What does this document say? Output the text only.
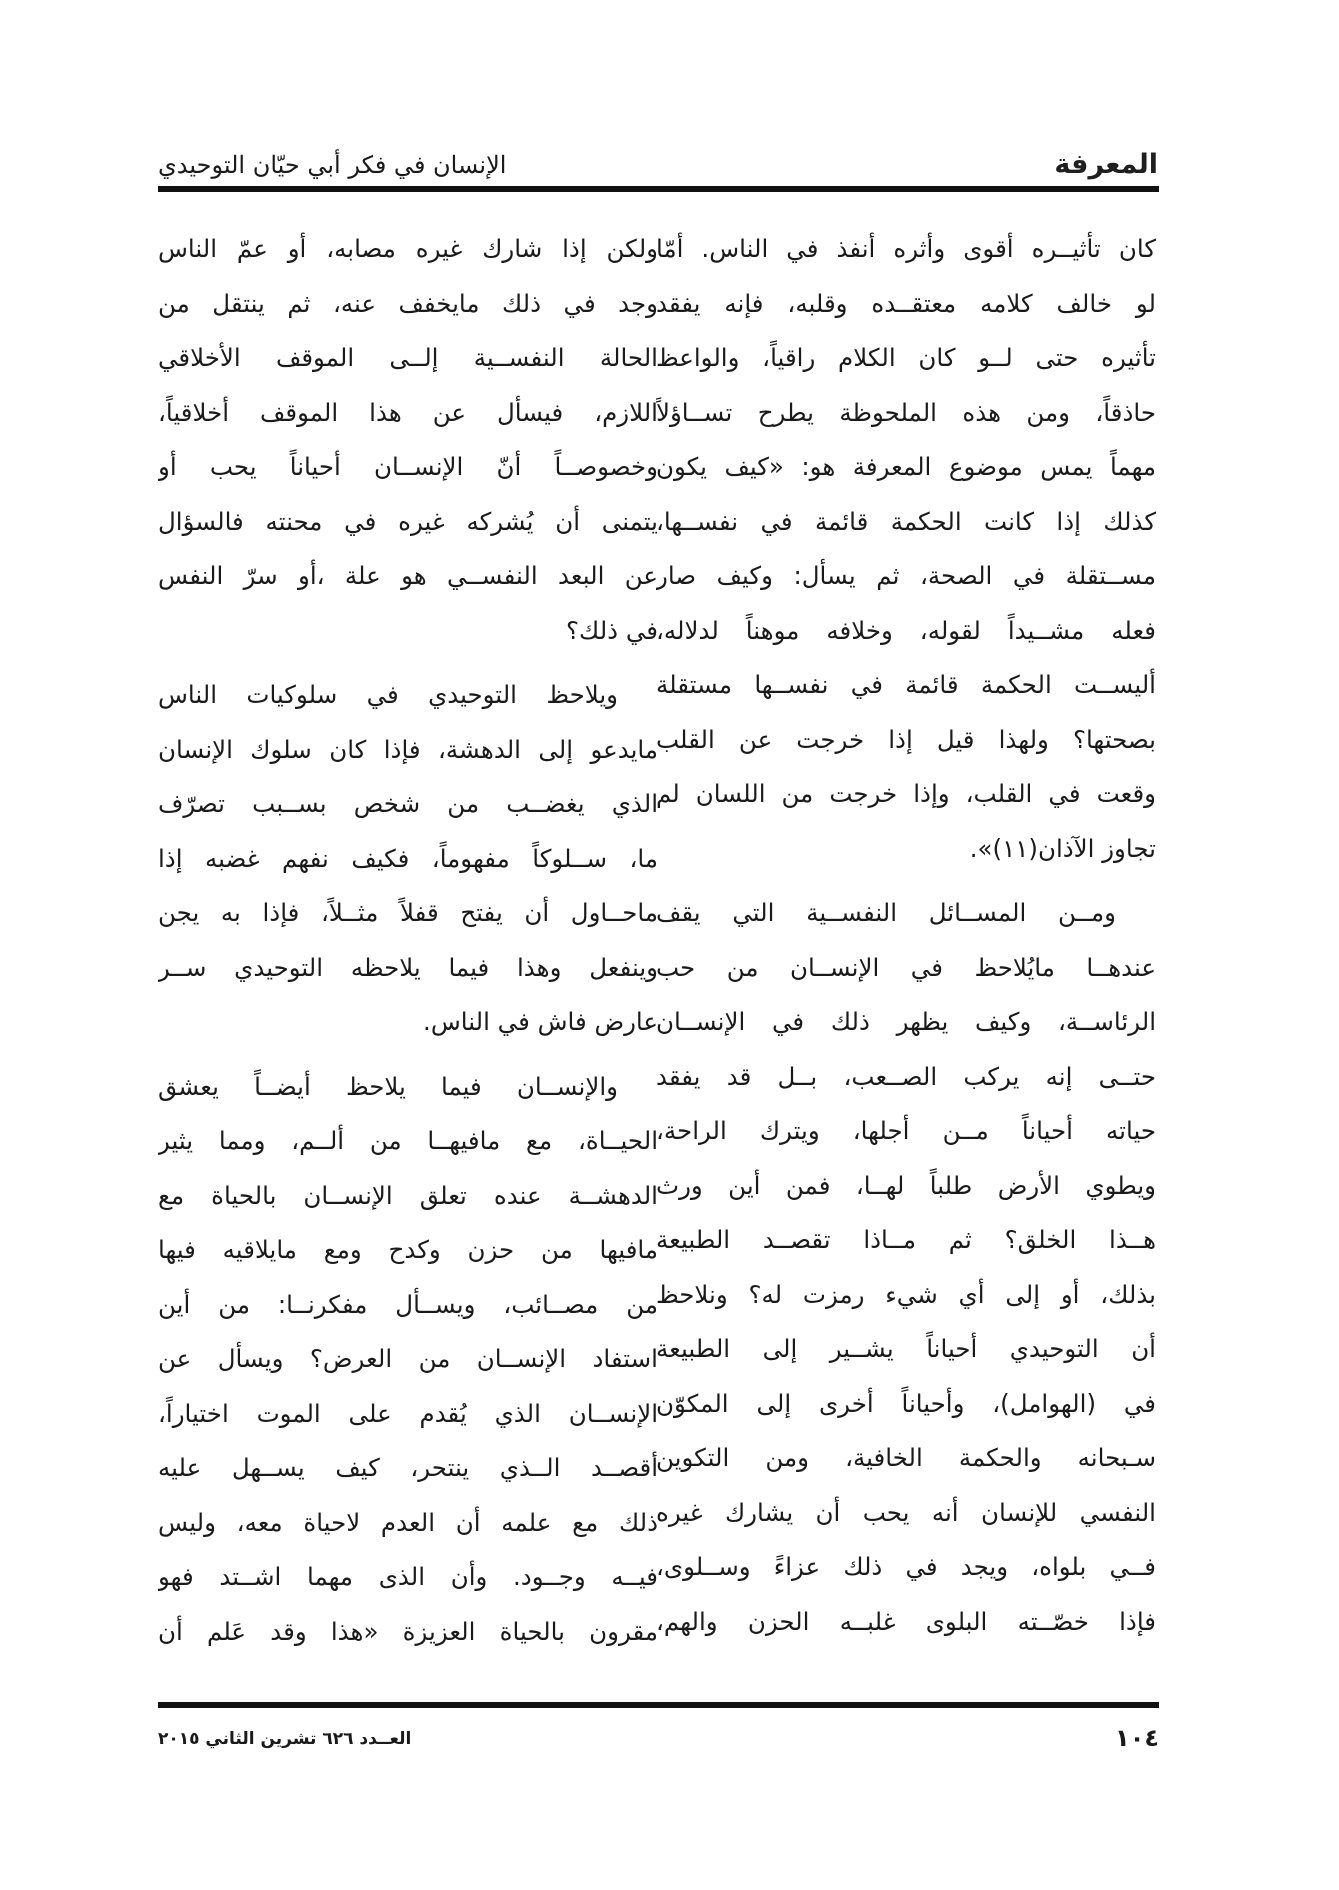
المعرفة
الإنسان في فكر أبي حيّان التوحيدي
كان تأثيــره أقوى وأثره أنفذ في الناس. أمّا
لو خالف كلامه معتقــده وقلبه، فإنه يفقد
تأثيره حتى لــو كان الكلام راقياً، والواعظ
حاذقاً، ومن هذه الملحوظة يطرح تســاؤلاً
مهماً يمس موضوع المعرفة هو: «كيف يكون
كذلك إذا كانت الحكمة قائمة في نفســها،
مســتقلة في الصحة، ثم يسأل: وكيف صار
فعله مشــيداً لقوله، وخلافه موهناً لدلاله،
أليســت الحكمة قائمة في نفســها مستقلة
بصحتها؟ ولهذا قيل إذا خرجت عن القلب
وقعت في القلب، وإذا خرجت من اللسان لم
تجاوز الآذان(١١)».
ومــن المســائل النفســية التي يقف
عندهــا مايُلاحظ في الإنســان من حب
الرئاســة، وكيف يظهر ذلك في الإنســان
حتــى إنه يركب الصــعب، بــل قد يفقد
حياته أحياناً مــن أجلها، ويترك الراحة،
ويطوي الأرض طلباً لهــا، فمن أين ورث
هــذا الخلق؟ ثم مــاذا تقصــد الطبيعة
بذلك، أو إلى أي شيء رمزت له؟ ونلاحظ
أن التوحيدي أحياناً يشــير إلى الطبيعة
في (الهوامل)، وأحياناً أخرى إلى المكوّن
سـبحانه والحكمة الخافية، ومن التكوين
النفسي للإنسان أنه يحب أن يشارك غيره
فــي بلواه، ويجد في ذلك عزاءً وســلوى،
فإذا خصّــته البلوى غلبــه الحزن والهم،
ولكن إذا شارك غيره مصابه، أو عمّ الناس
وجد في ذلك مايخفف عنه، ثم ينتقل من
الحالة النفســية إلــى الموقف الأخلاقي
اللازم، فيسأل عن هذا الموقف أخلاقياً،
وخصوصــاً أنّ الإنســان أحياناً يحب أو
يتمنى أن يُشركه غيره في محنته فالسؤال
عن البعد النفســي هو علة ،أو سرّ النفس
في ذلك؟
ويلاحظ التوحيدي في سلوكيات الناس
مايدعو إلى الدهشة، فإذا كان سلوك الإنسان
الذي يغضــب من شخص بســبب تصرّف
ما، ســلوكاً مفهوماً، فكيف نفهم غضبه إذا
ماحــاول أن يفتح قفلاً مثــلاً، فإذا به يجن
وينفعل وهذا فيما يلاحظه التوحيدي ســر
عارض فاش في الناس.
والإنســان فيما يلاحظ أيضــاً يعشق
الحيــاة، مع مافيهــا من ألــم، ومما يثير
الدهشــة عنده تعلق الإنســان بالحياة مع
مافيها من حزن وكدح ومع مايلاقيه فيها
من مصــائب، ويســأل مفكرنــا: من أين
استفاد الإنســان من العرض؟ ويسأل عن
الإنســان الذي يُقدم على الموت اختياراً،
أقصــد الــذي ينتحر، كيف يســهل عليه
ذلك مع علمه أن العدم لاحياة معه، وليس
فيــه وجــود. وأن الذى مهما اشــتد فهو
مقرون بالحياة العزيزة «هذا وقد عَلم أن
١٠٤
العــدد ٦٢٦ تشرين الثاني ٢٠١٥
